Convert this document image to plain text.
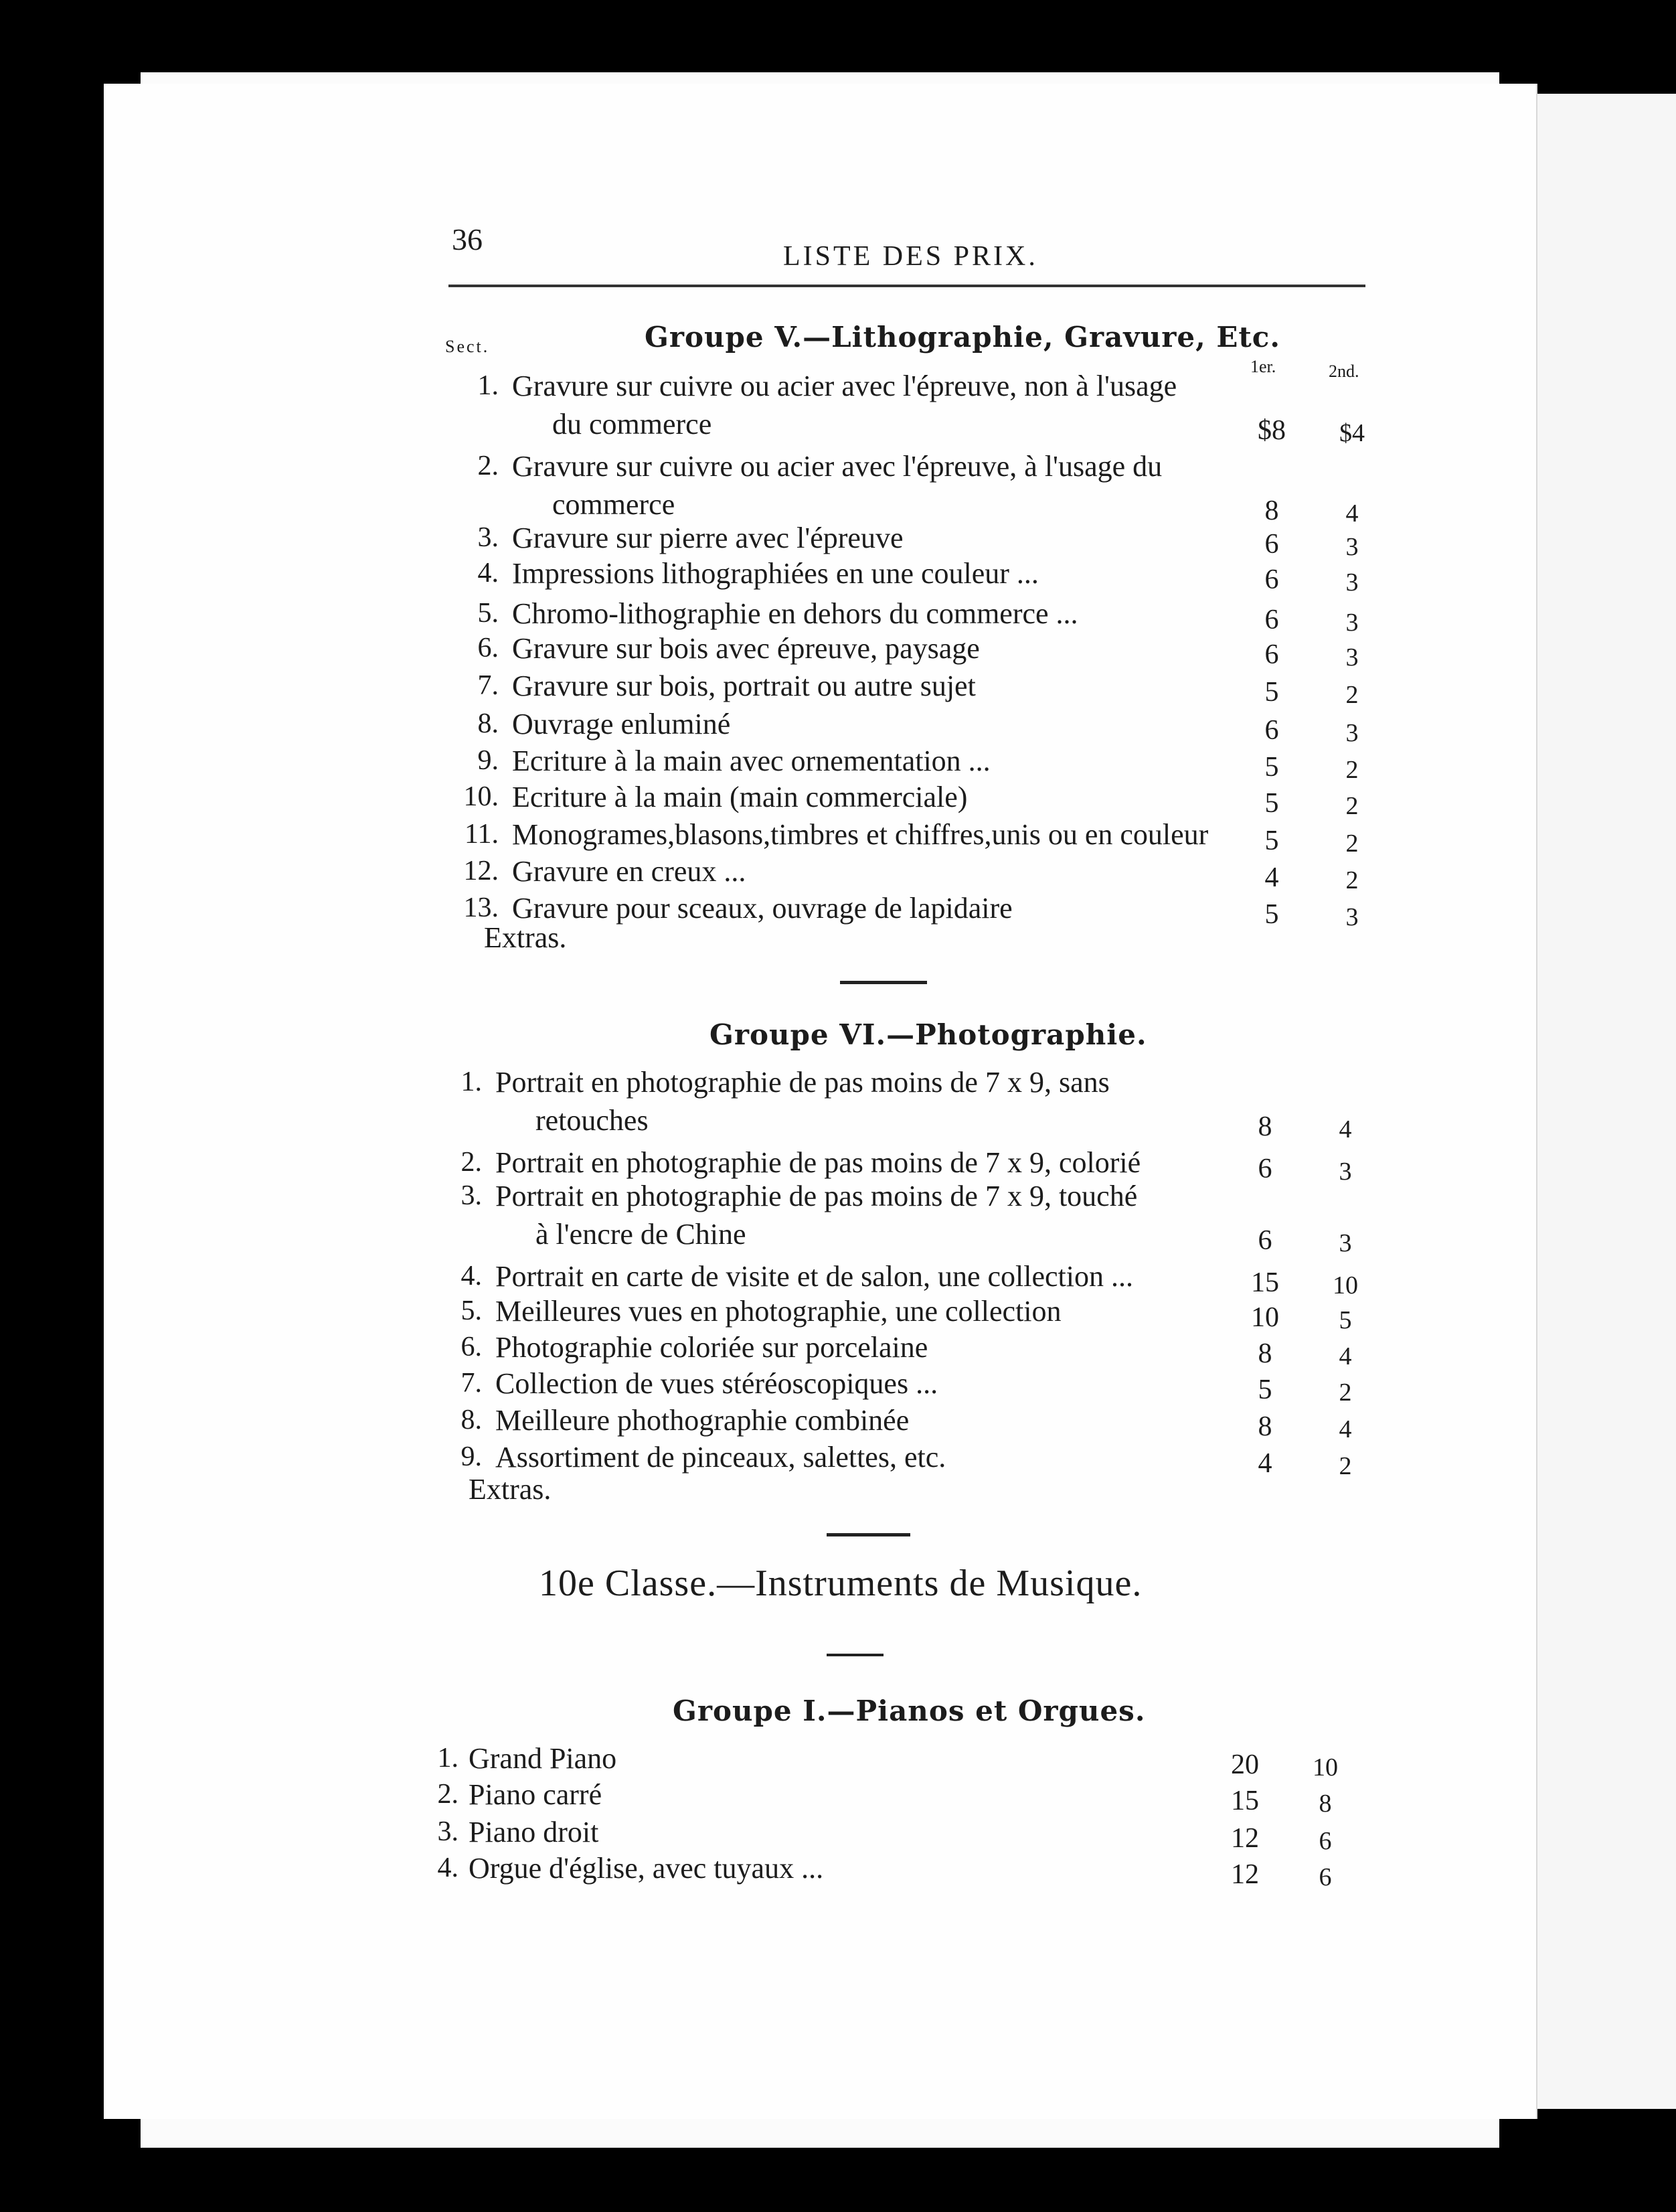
36	LISTE DES PRIX.
Sect.
1er.	2nd.
Groupe V.—Lithographie, Gravure, Etc.
1. Gravure sur cuivre ou acier avec l'épreuve, non à l'usage
du commerce	$8	$4
2. Gravure sur cuivre ou acier avec l'épreuve, à l'usage du
commerce	8	4
3. Gravure sur pierre avec l'épreuve	6	3
4. Impressions lithographiées en une couleur ...	6	3
5. Chromo-lithographie en dehors du commerce ...	6	3
6. Gravure sur bois avec épreuve, paysage	6	3
7. Gravure sur bois, portrait ou autre sujet	5	2
8. Ouvrage enluminé	6	3
9. Ecriture à la main avec ornementation ...	5	2
10. Ecriture à la main (main commerciale)	5	2
11. Monogrames,blasons,timbres et chiffres,unis ou en couleur	5	2
12. Gravure en creux ...	4	2
13. Gravure pour sceaux, ouvrage de lapidaire	5	3
Extras.
Groupe VI.—Photographie.
1. Portrait en photographie de pas moins de 7 x 9, sans
retouches	8	4
2. Portrait en photographie de pas moins de 7 x 9, colorié	6	3
3. Portrait en photographie de pas moins de 7 x 9, touché
à l'encre de Chine	6	3
4. Portrait en carte de visite et de salon, une collection ...	15	10
5. Meilleures vues en photographie, une collection	10	5
6. Photographie coloriée sur porcelaine	8	4
7. Collection de vues stéréoscopiques ...	5	2
8. Meilleure phothographie combinée	8	4
9. Assortiment de pinceaux, salettes, etc.	4	2
Extras.
10e Classe.—Instruments de Musique.
Groupe I.—Pianos et Orgues.
1. Grand Piano	20	10
2. Piano carré	15	8
3. Piano droit	12	6
4. Orgue d'église, avec tuyaux ...	12	6
